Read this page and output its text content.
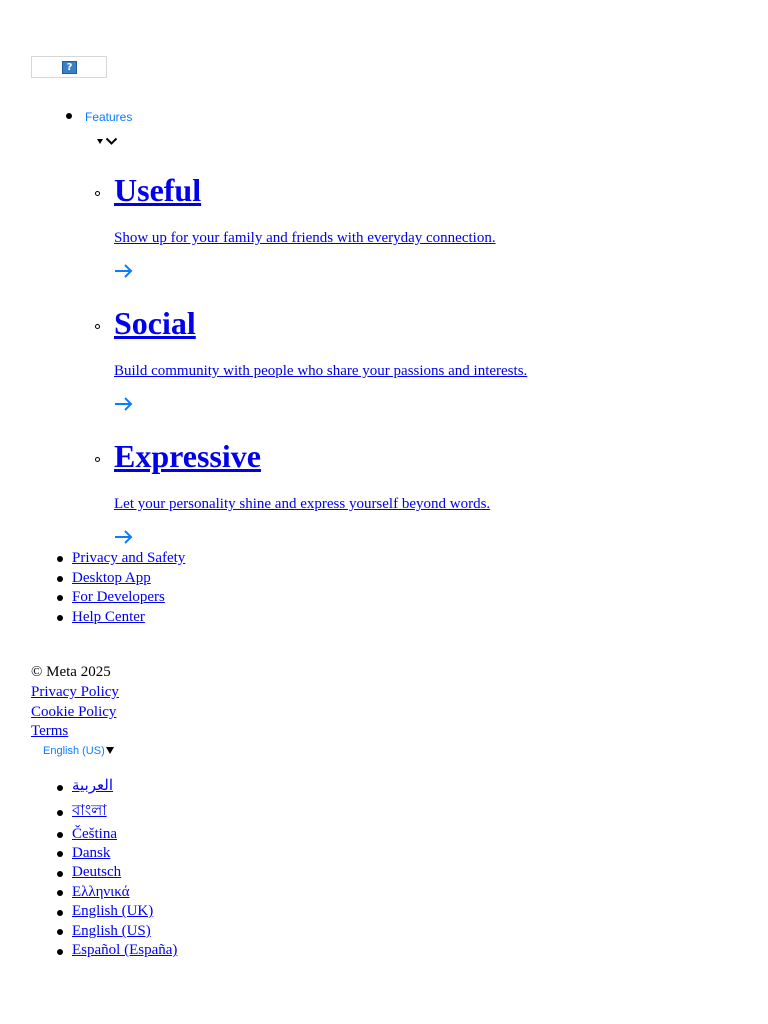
?
Features
Useful
Show up for your family and friends with everyday connection.
Social
Build community with people who share your passions and interests.
Expressive
Let your personality shine and express yourself beyond words.
Privacy and Safety
Desktop App
For Developers
Help Center
© Meta 2025
Privacy Policy
Cookie Policy
Terms
English (US)
العربية
বাংলা
Čeština
Dansk
Deutsch
Ελληνικά
English (UK)
English (US)
Español (España)
